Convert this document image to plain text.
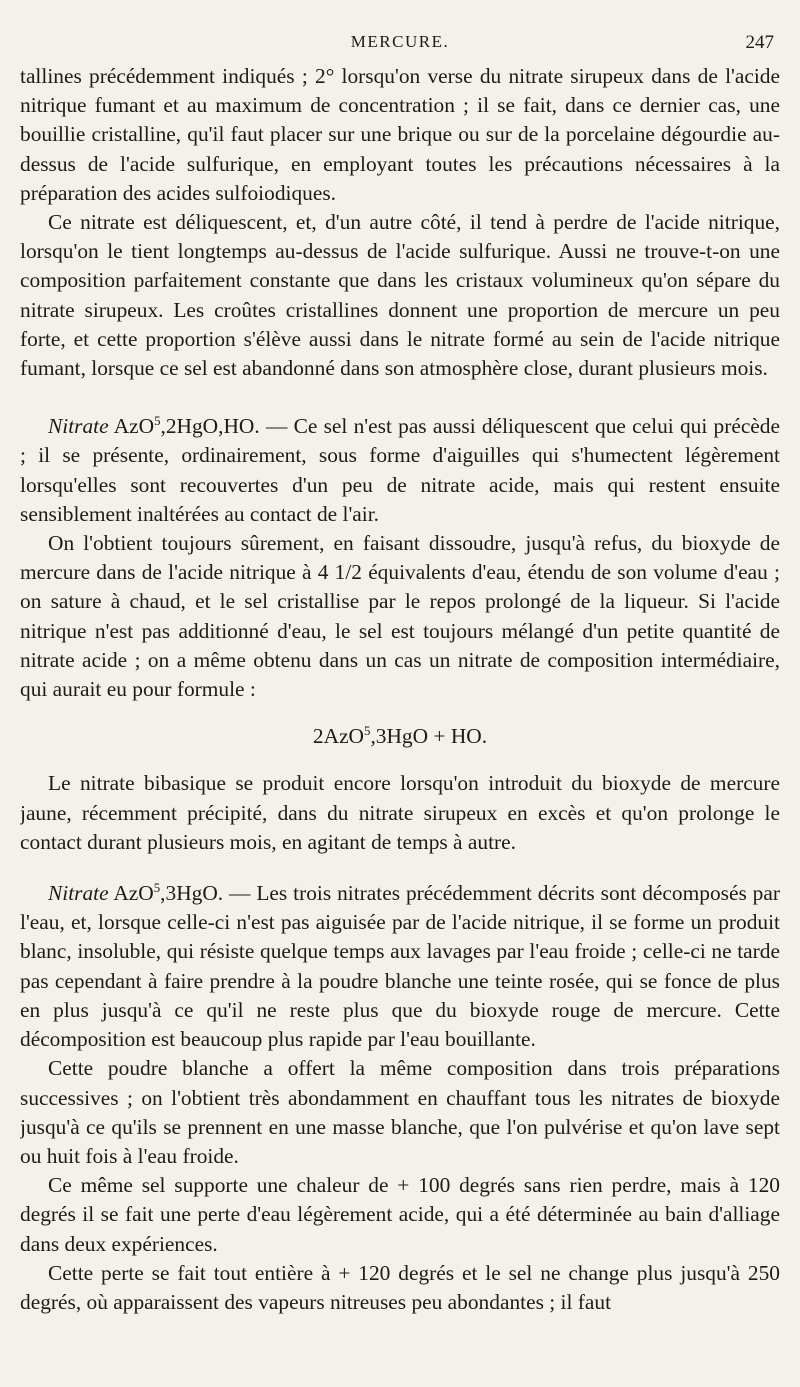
MERCURE.	247

tallines précédemment indiqués ; 2° lorsqu'on verse du nitrate sirupeux dans de l'acide nitrique fumant et au maximum de concentration ; il se fait, dans ce dernier cas, une bouillie cristalline, qu'il faut placer sur une brique ou sur de la porcelaine dégourdie au-dessus de l'acide sulfurique, en employant toutes les précautions nécessaires à la préparation des acides sulfoiodiques.

Ce nitrate est déliquescent, et, d'un autre côté, il tend à perdre de l'acide nitrique, lorsqu'on le tient longtemps au-dessus de l'acide sulfurique. Aussi ne trouve-t-on une composition parfaitement constante que dans les cristaux volumineux qu'on sépare du nitrate sirupeux. Les croûtes cristallines donnent une proportion de mercure un peu forte, et cette proportion s'élève aussi dans le nitrate formé au sein de l'acide nitrique fumant, lorsque ce sel est abandonné dans son atmosphère close, durant plusieurs mois.

Nitrate AzO$^5$,2HgO,HO. — Ce sel n'est pas aussi déliquescent que celui qui précède ; il se présente, ordinairement, sous forme d'aiguilles qui s'humectent légèrement lorsqu'elles sont recouvertes d'un peu de nitrate acide, mais qui restent ensuite sensiblement inaltérées au contact de l'air.

On l'obtient toujours sûrement, en faisant dissoudre, jusqu'à refus, du bioxyde de mercure dans de l'acide nitrique à 4 1/2 équivalents d'eau, étendu de son volume d'eau ; on sature à chaud, et le sel cristallise par le repos prolongé de la liqueur. Si l'acide nitrique n'est pas additionné d'eau, le sel est toujours mélangé d'un petite quantité de nitrate acide ; on a même obtenu dans un cas un nitrate de composition intermédiaire, qui aurait eu pour formule :

2AzO$^5$,3HgO + HO.

Le nitrate bibasique se produit encore lorsqu'on introduit du bioxyde de mercure jaune, récemment précipité, dans du nitrate sirupeux en excès et qu'on prolonge le contact durant plusieurs mois, en agitant de temps à autre.

Nitrate AzO$^5$,3HgO. — Les trois nitrates précédemment décrits sont décomposés par l'eau, et, lorsque celle-ci n'est pas aiguisée par de l'acide nitrique, il se forme un produit blanc, insoluble, qui résiste quelque temps aux lavages par l'eau froide ; celle-ci ne tarde pas cependant à faire prendre à la poudre blanche une teinte rosée, qui se fonce de plus en plus jusqu'à ce qu'il ne reste plus que du bioxyde rouge de mercure. Cette décomposition est beaucoup plus rapide par l'eau bouillante.

Cette poudre blanche a offert la même composition dans trois préparations successives ; on l'obtient très abondamment en chauffant tous les nitrates de bioxyde jusqu'à ce qu'ils se prennent en une masse blanche, que l'on pulvérise et qu'on lave sept ou huit fois à l'eau froide.

Ce même sel supporte une chaleur de + 100 degrés sans rien perdre, mais à 120 degrés il se fait une perte d'eau légèrement acide, qui a été déterminée au bain d'alliage dans deux expériences.

Cette perte se fait tout entière à + 120 degrés et le sel ne change plus jusqu'à 250 degrés, où apparaissent des vapeurs nitreuses peu abondantes ; il faut
